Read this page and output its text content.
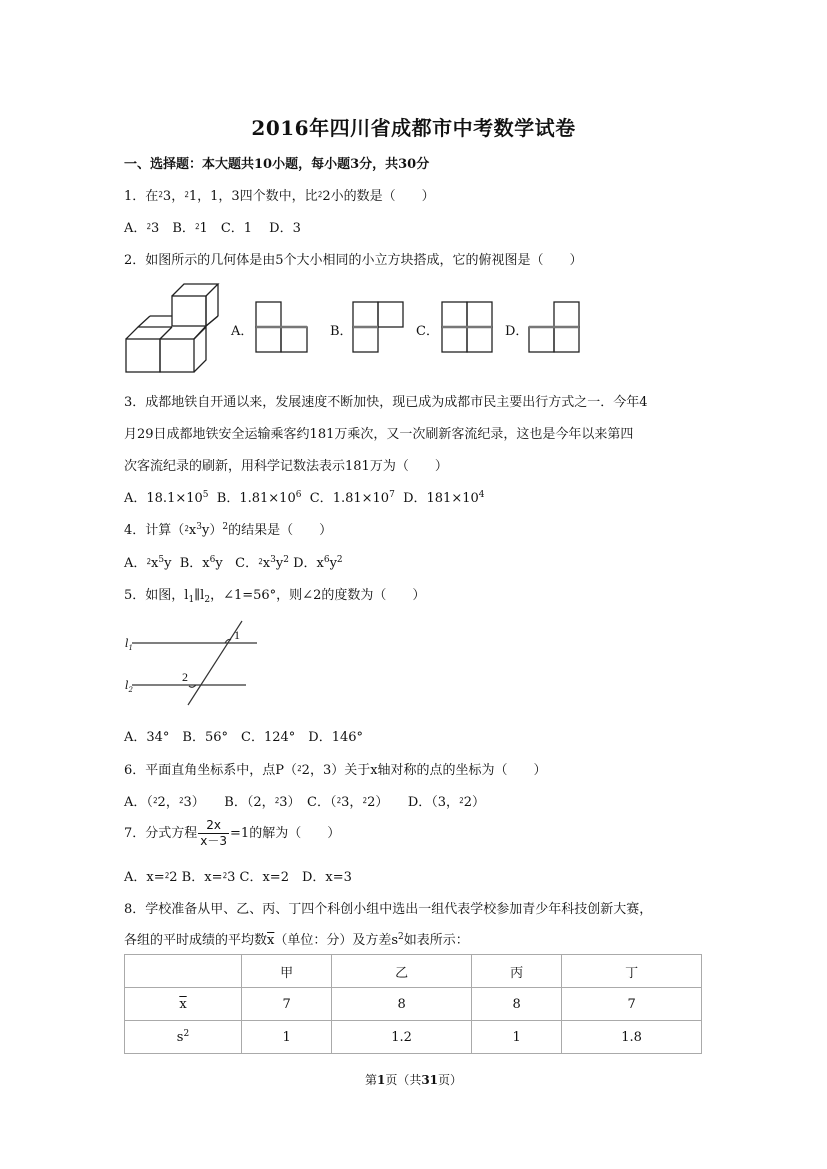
2016年四川省成都市中考数学试卷
一、选择题：本大题共10小题，每小题3分，共30分
1．在⁲3，⁲1，1，3四个数中，比⁲2小的数是（　　）
A．⁲3　B．⁲1　C．1　 D．3
2．如图所示的几何体是由5个大小相同的小立方块搭成，它的俯视图是（　　）
A．	B．	C．	D．
3．成都地铁自开通以来，发展速度不断加快，现已成为成都市民主要出行方式之一．今年4
月29日成都地铁安全运输乘客约181万乘次，又一次刷新客流纪录，这也是今年以来第四
次客流纪录的刷新，用科学记数法表示181万为（　　）
A．$18.1\times 10^5$ B．$1.81\times 10^6$ C．$1.81\times 10^7$ D．$181\times 10^4$
4．计算$(⁲x^3y)^2$的结果是（　　）
A．$⁲x^5y$ B．$x^6y$ C．$⁲x^3y^2$ D．$x^6y^2$
5．如图，$l_1\parallel l_2$，∠1=56°，则∠2的度数为（　　）
$l_1$
$l_2$
1
2
A．34°　B．56°　C．124°　D．146°
6．平面直角坐标系中，点P（⁲2，3）关于x轴对称的点的坐标为（　　）
A．（⁲2，⁲3）　　B．（2，⁲3）　C．（⁲3，⁲2）　　D．（3，⁲2）
7．分式方程 $\frac{2x}{x-3} =1$的解为（　　）
A．x=⁲2 B．x=⁲3 C．x=2　D．x=3
8．学校准备从甲、乙、丙、丁四个科创小组中选出一组代表学校参加青少年科技创新大赛，
各组的平时成绩的平均数$\overline{x}$（单位：分）及方差$s^2$如表所示：
	甲	乙	丙	丁
$\overline{x}$	7	8	8	7
$s^2$	1	1.2	1	1.8
第1页（共31页）
